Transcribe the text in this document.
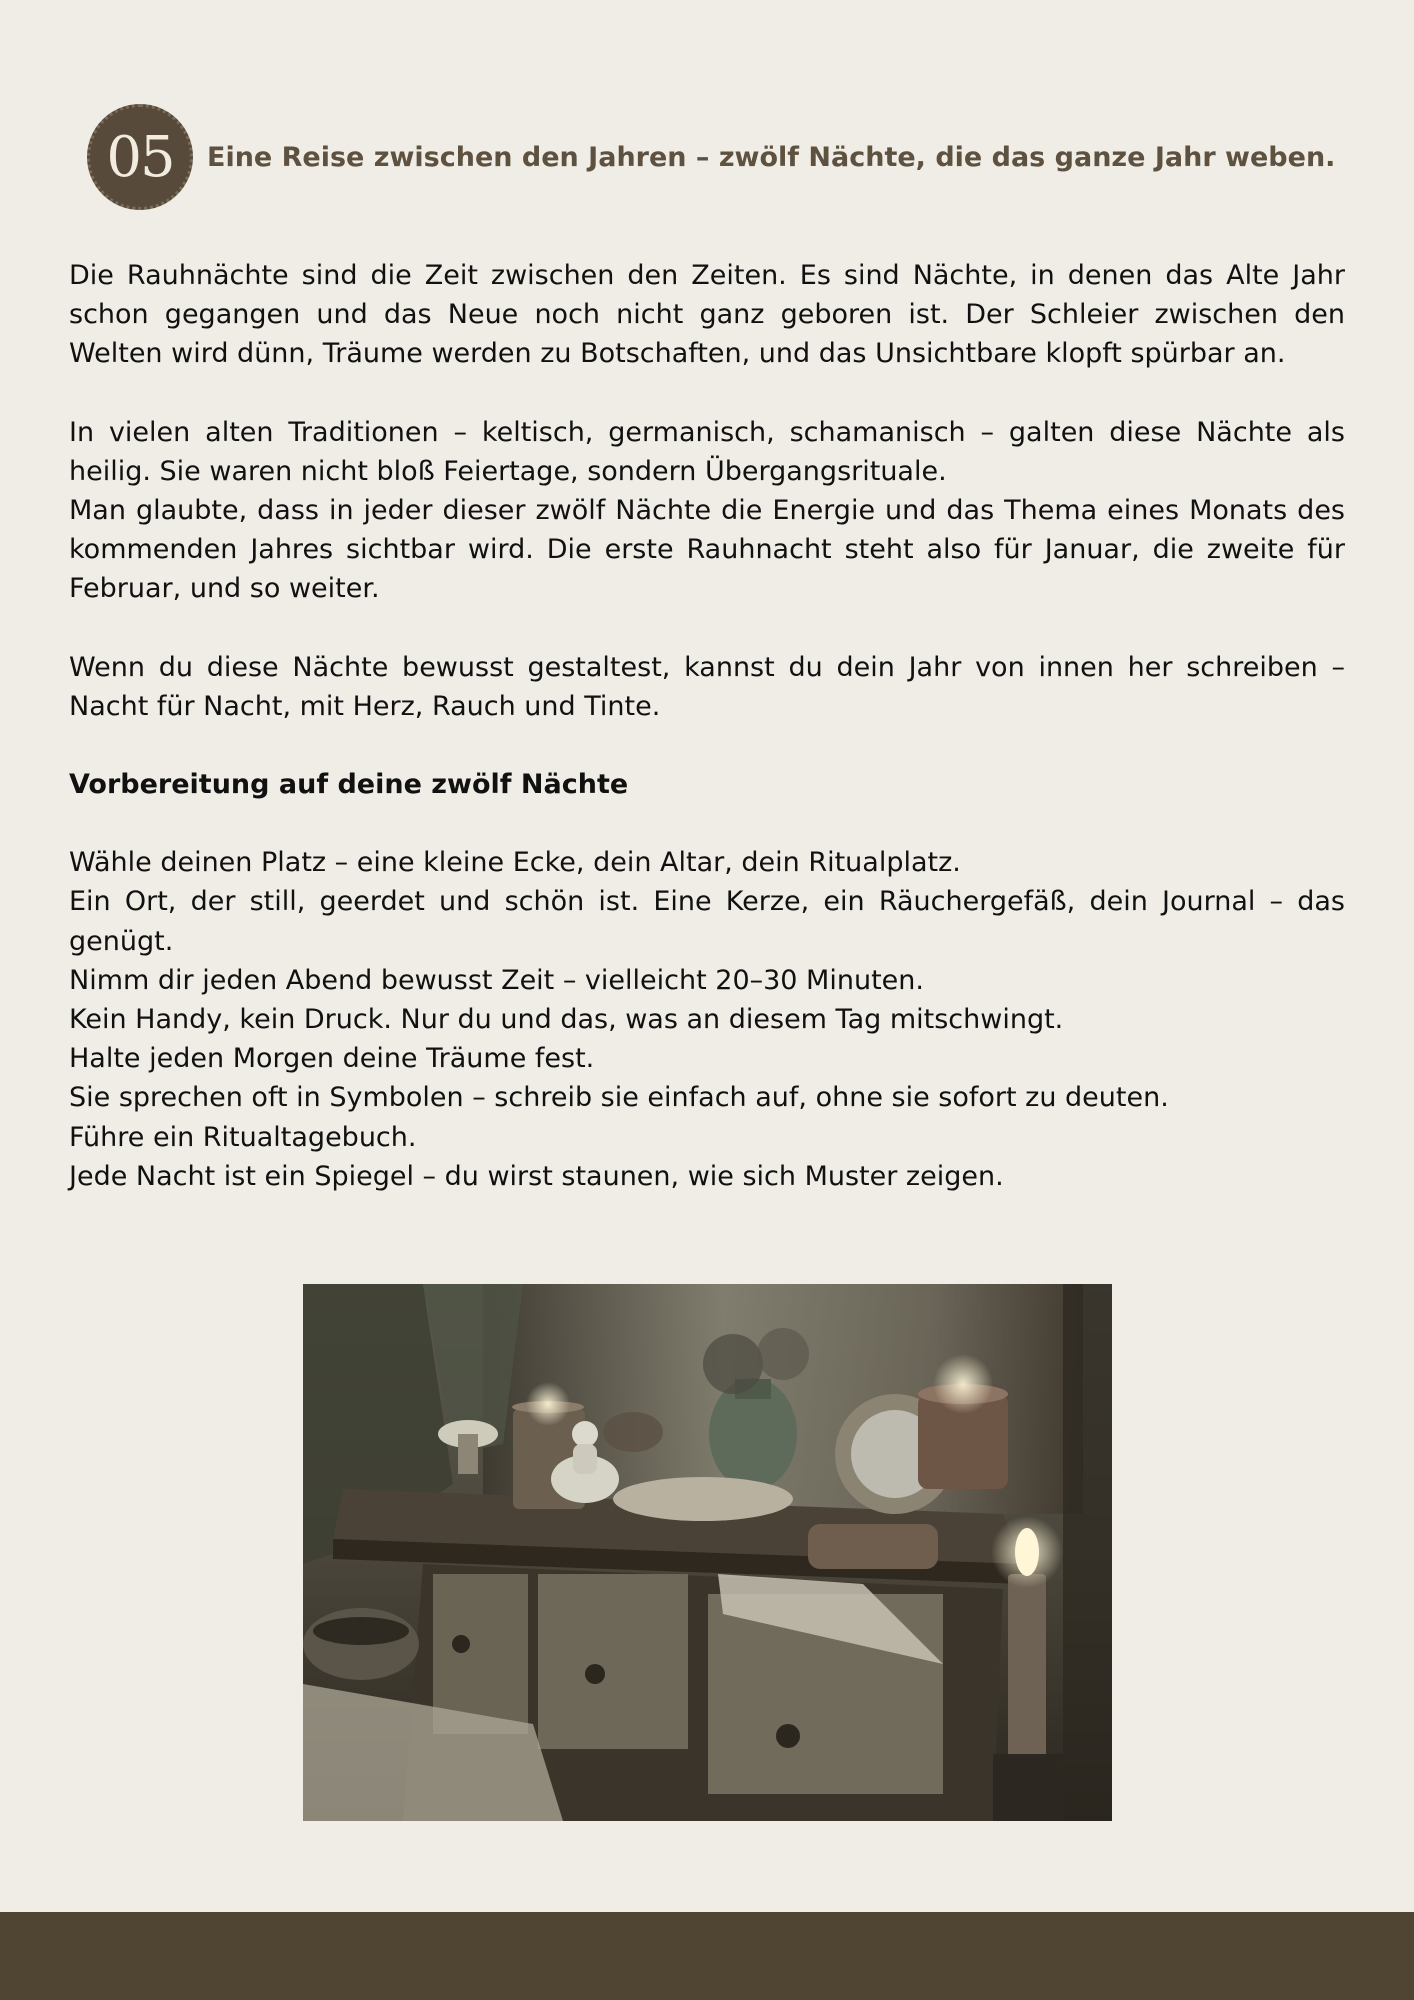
05	Eine Reise zwischen den Jahren – zwölf Nächte, die das ganze Jahr weben.

Die Rauhnächte sind die Zeit zwischen den Zeiten. Es sind Nächte, in denen das Alte Jahr schon gegangen und das Neue noch nicht ganz geboren ist. Der Schleier zwischen den Welten wird dünn, Träume werden zu Botschaften, und das Unsichtbare klopft spürbar an.

In vielen alten Traditionen – keltisch, germanisch, schamanisch – galten diese Nächte als heilig. Sie waren nicht bloß Feiertage, sondern Übergangsrituale.

Man glaubte, dass in jeder dieser zwölf Nächte die Energie und das Thema eines Monats des kommenden Jahres sichtbar wird. Die erste Rauhnacht steht also für Januar, die zweite für Februar, und so weiter.

Wenn du diese Nächte bewusst gestaltest, kannst du dein Jahr von innen her schreiben – Nacht für Nacht, mit Herz, Rauch und Tinte.

Vorbereitung auf deine zwölf Nächte

Wähle deinen Platz – eine kleine Ecke, dein Altar, dein Ritualplatz.

Ein Ort, der still, geerdet und schön ist. Eine Kerze, ein Räuchergefäß, dein Journal – das genügt.

Nimm dir jeden Abend bewusst Zeit – vielleicht 20–30 Minuten.

Kein Handy, kein Druck. Nur du und das, was an diesem Tag mitschwingt.

Halte jeden Morgen deine Träume fest.

Sie sprechen oft in Symbolen – schreib sie einfach auf, ohne sie sofort zu deuten.

Führe ein Ritualtagebuch.

Jede Nacht ist ein Spiegel – du wirst staunen, wie sich Muster zeigen.
